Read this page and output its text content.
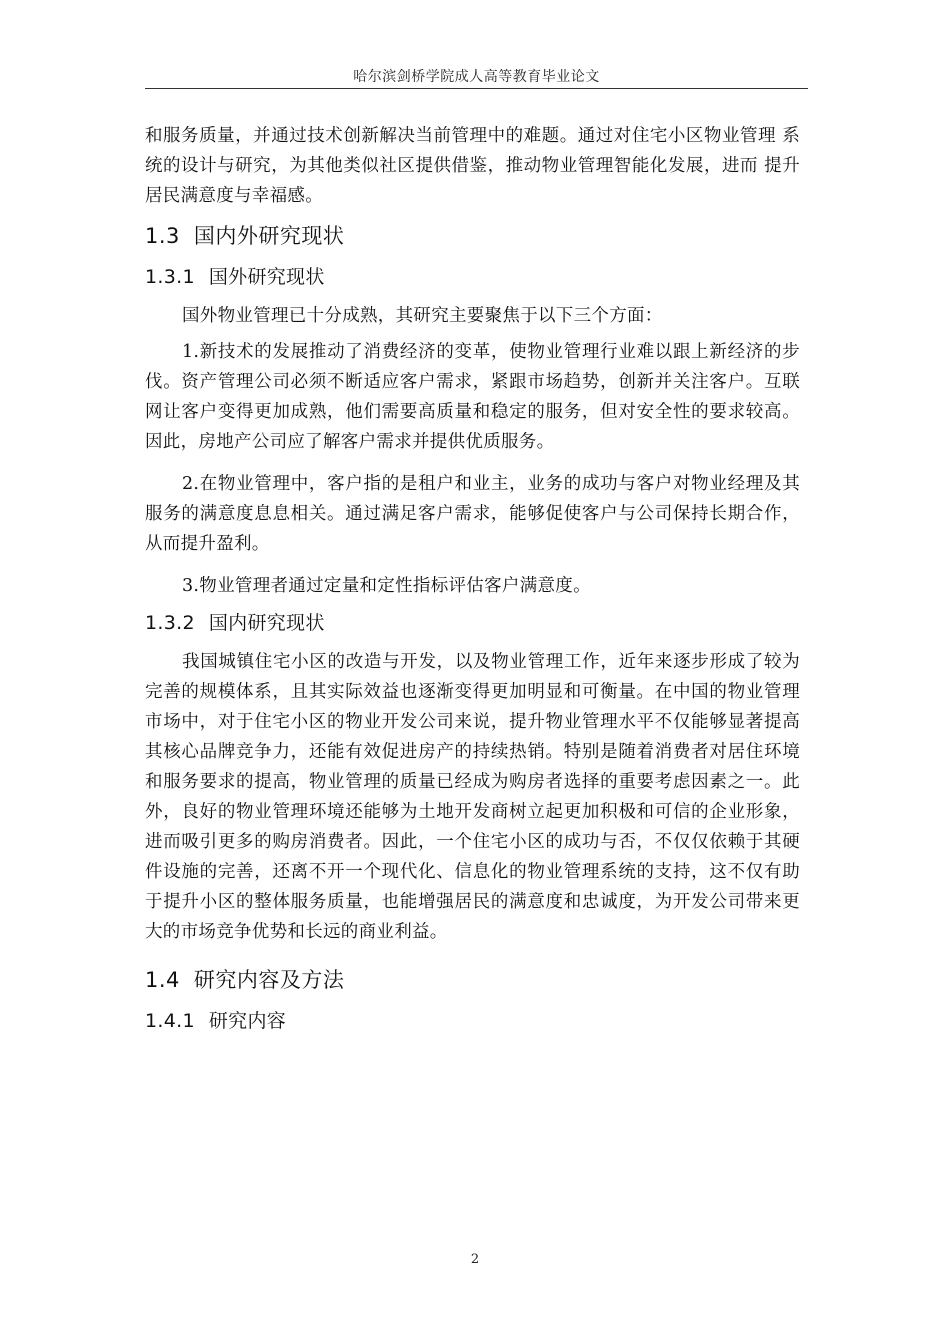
哈尔滨剑桥学院成人高等教育毕业论文

和服务质量，并通过技术创新解决当前管理中的难题。通过对住宅小区物业管理 系统的设计与研究，为其他类似社区提供借鉴，推动物业管理智能化发展，进而 提升居民满意度与幸福感。

1.3 国内外研究现状
1.3.1 国外研究现状

国外物业管理已十分成熟，其研究主要聚焦于以下三个方面：

1.新技术的发展推动了消费经济的变革，使物业管理行业难以跟上新经济的步伐。资产管理公司必须不断适应客户需求，紧跟市场趋势，创新并关注客户。互联网让客户变得更加成熟，他们需要高质量和稳定的服务，但对安全性的要求较高。因此，房地产公司应了解客户需求并提供优质服务。

2.在物业管理中，客户指的是租户和业主，业务的成功与客户对物业经理及其服务的满意度息息相关。通过满足客户需求，能够促使客户与公司保持长期合作，从而提升盈利。

3.物业管理者通过定量和定性指标评估客户满意度。

1.3.2 国内研究现状

我国城镇住宅小区的改造与开发，以及物业管理工作，近年来逐步形成了较为完善的规模体系，且其实际效益也逐渐变得更加明显和可衡量。在中国的物业管理市场中，对于住宅小区的物业开发公司来说，提升物业管理水平不仅能够显著提高其核心品牌竞争力，还能有效促进房产的持续热销。特别是随着消费者对居住环境和服务要求的提高，物业管理的质量已经成为购房者选择的重要考虑因素之一。此外，良好的物业管理环境还能够为土地开发商树立起更加积极和可信的企业形象，进而吸引更多的购房消费者。因此，一个住宅小区的成功与否，不仅仅依赖于其硬件设施的完善，还离不开一个现代化、信息化的物业管理系统的支持，这不仅有助于提升小区的整体服务质量，也能增强居民的满意度和忠诚度，为开发公司带来更大的市场竞争优势和长远的商业利益。

1.4 研究内容及方法
1.4.1 研究内容
2
